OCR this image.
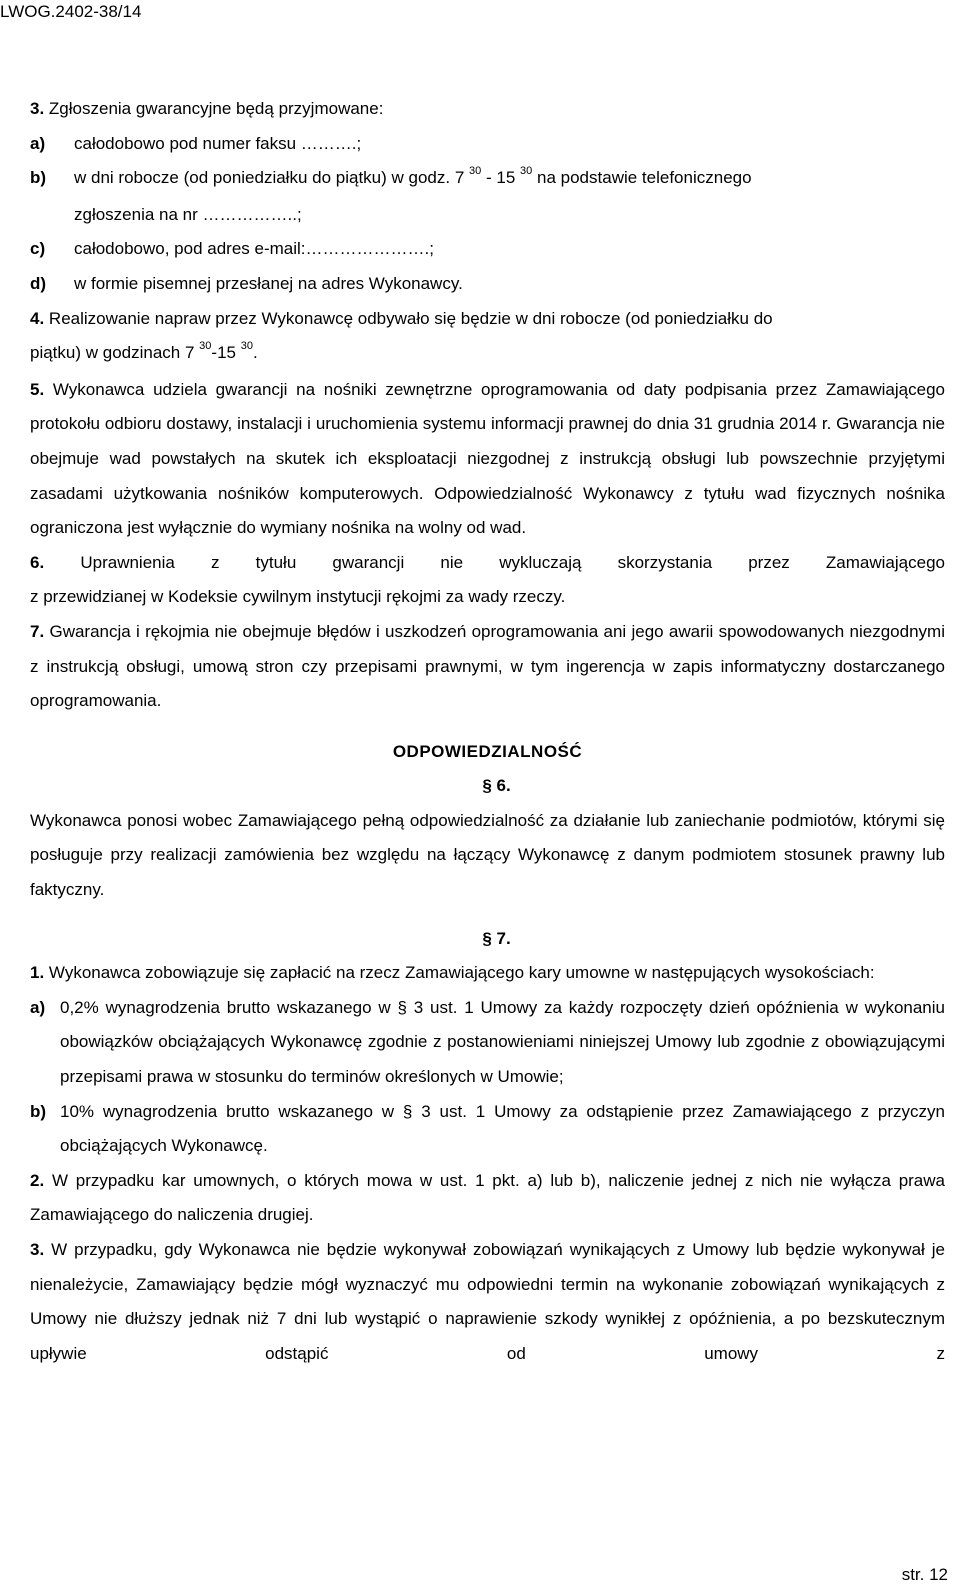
LWOG.2402-38/14

3. Zgłoszenia gwarancyjne będą przyjmowane:

a)	całodobowo pod numer faksu ……….;
b)	w dni robocze (od poniedziałku do piątku) w godz. 7 $^{30}$ - 15 $^{30}$ na podstawie telefonicznego
zgłoszenia na nr ……………..;
c)	całodobowo, pod adres e-mail:………………….;
d)	w formie pisemnej przesłanej na adres Wykonawcy.

4. Realizowanie napraw przez Wykonawcę odbywało się będzie w dni robocze (od poniedziałku do
piątku) w godzinach 7 $^{30}$-15 $^{30}$.

5. Wykonawca udziela gwarancji na nośniki zewnętrzne oprogramowania od daty podpisania przez Zamawiającego protokołu odbioru dostawy, instalacji i uruchomienia systemu informacji prawnej do dnia 31 grudnia 2014 r. Gwarancja nie obejmuje wad powstałych na skutek ich eksploatacji niezgodnej z instrukcją obsługi lub powszechnie przyjętymi zasadami użytkowania nośników komputerowych. Odpowiedzialność Wykonawcy z tytułu wad fizycznych nośnika ograniczona jest wyłącznie do wymiany nośnika na wolny od wad.

6. Uprawnienia z tytułu gwarancji nie wykluczają skorzystania przez Zamawiającego

z przewidzianej w Kodeksie cywilnym instytucji rękojmi za wady rzeczy.

7. Gwarancja i rękojmia nie obejmuje błędów i uszkodzeń oprogramowania ani jego awarii spowodowanych niezgodnymi z instrukcją obsługi, umową stron czy przepisami prawnymi, w tym ingerencja w zapis informatyczny dostarczanego oprogramowania.

ODPOWIEDZIALNOŚĆ
§ 6.

Wykonawca ponosi wobec Zamawiającego pełną odpowiedzialność za działanie lub zaniechanie podmiotów, którymi się posługuje przy realizacji zamówienia bez względu na łączący Wykonawcę z danym podmiotem stosunek prawny lub faktyczny.

§ 7.

1. Wykonawca zobowiązuje się zapłacić na rzecz Zamawiającego kary umowne w następujących wysokościach:

a) 0,2% wynagrodzenia brutto wskazanego w § 3 ust. 1 Umowy za każdy rozpoczęty dzień opóźnienia w wykonaniu obowiązków obciążających Wykonawcę zgodnie z postanowieniami niniejszej Umowy lub zgodnie z obowiązującymi przepisami prawa w stosunku do terminów określonych w Umowie;
b) 10% wynagrodzenia brutto wskazanego w § 3 ust. 1 Umowy za odstąpienie przez Zamawiającego z przyczyn obciążających Wykonawcę.

2. W przypadku kar umownych, o których mowa w ust. 1 pkt. a) lub b), naliczenie jednej z nich nie wyłącza prawa Zamawiającego do naliczenia drugiej.

3. W przypadku, gdy Wykonawca nie będzie wykonywał zobowiązań wynikających z Umowy lub będzie wykonywał je nienależycie, Zamawiający będzie mógł wyznaczyć mu odpowiedni termin na wykonanie zobowiązań wynikających z Umowy nie dłuższy jednak niż 7 dni lub wystąpić o naprawienie szkody wynikłej z opóźnienia, a po bezskutecznym upływie odstąpić od umowy z

str. 12
